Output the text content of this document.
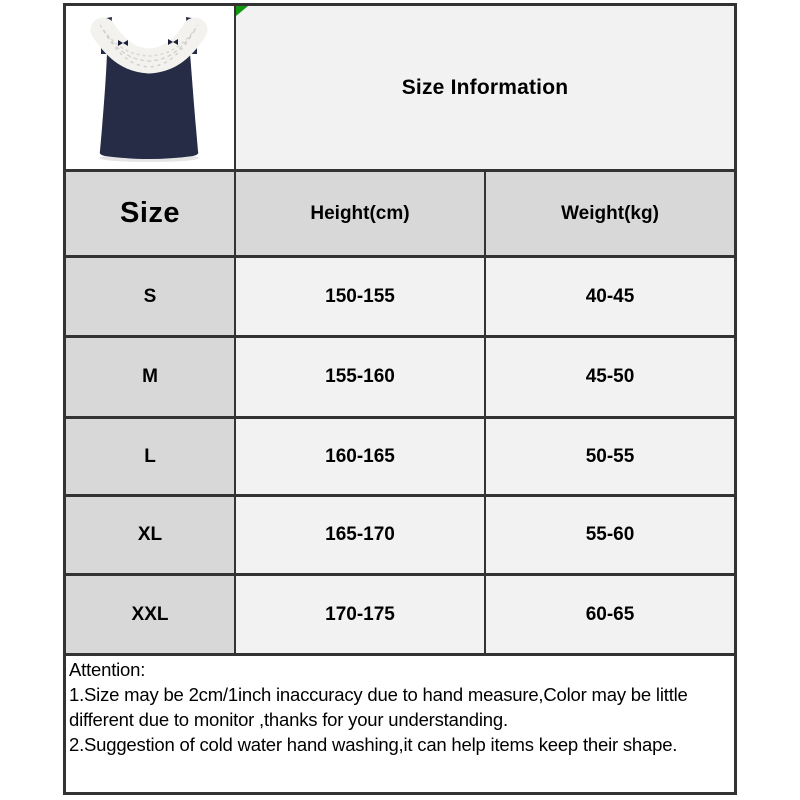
Size Information
Size	Height(cm)	Weight(kg)
S	150-155	40-45
M	155-160	45-50
L	160-165	50-55
XL	165-170	55-60
XXL	170-175	60-65
Attention:
1.Size may be 2cm/1inch inaccuracy due to hand measure,Color may be little
different due to monitor ,thanks for your understanding.
2.Suggestion of cold water hand washing,it can help items keep their shape.
